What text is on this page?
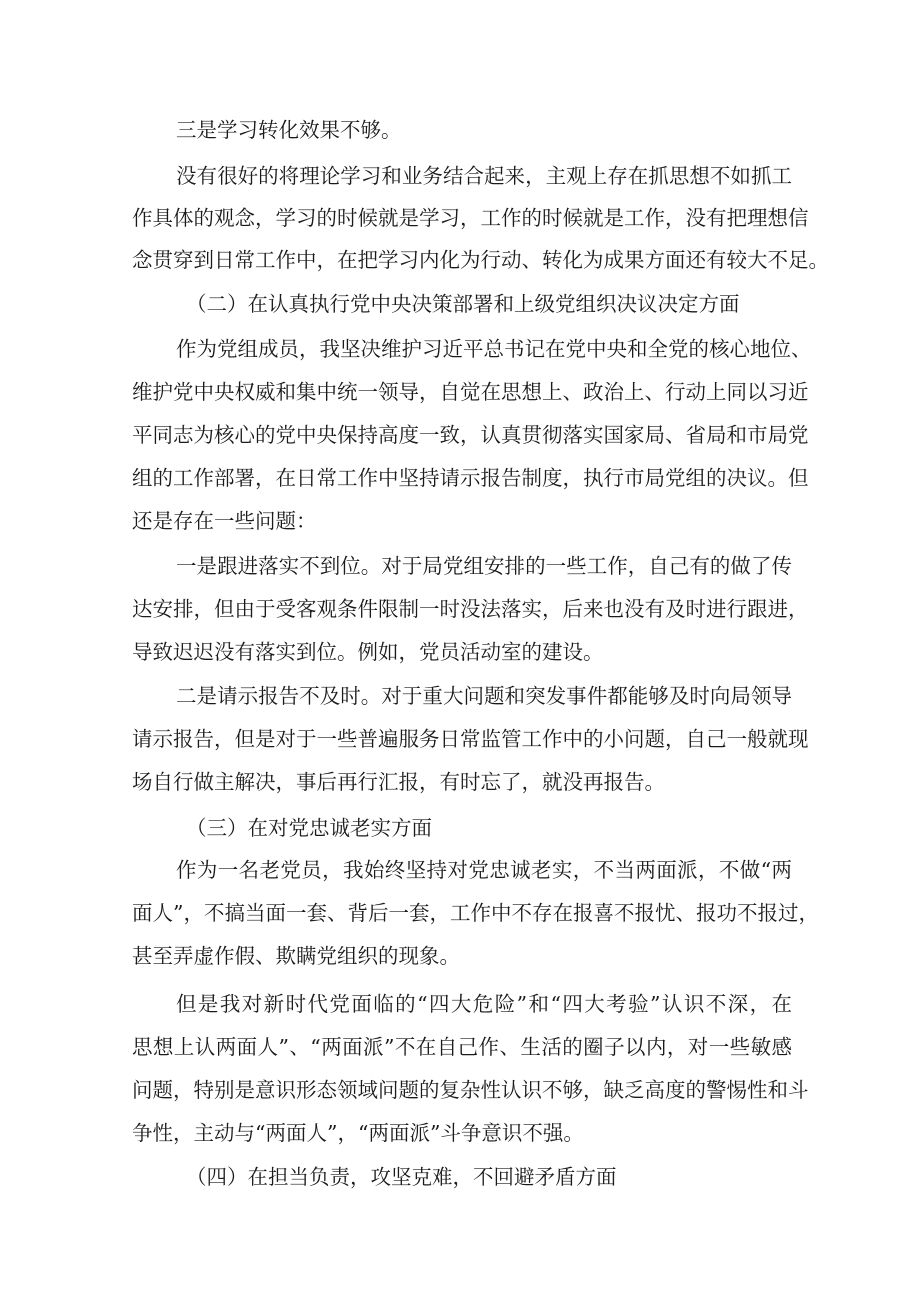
三是学习转化效果不够。
没有很好的将理论学习和业务结合起来，主观上存在抓思想不如抓工
作具体的观念，学习的时候就是学习，工作的时候就是工作，没有把理想信
念贯穿到日常工作中，在把学习内化为行动、转化为成果方面还有较大不足。
（二）在认真执行党中央决策部署和上级党组织决议决定方面
作为党组成员，我坚决维护习近平总书记在党中央和全党的核心地位、
维护党中央权威和集中统一领导，自觉在思想上、政治上、行动上同以习近
平同志为核心的党中央保持高度一致，认真贯彻落实国家局、省局和市局党
组的工作部署，在日常工作中坚持请示报告制度，执行市局党组的决议。但
还是存在一些问题：
一是跟进落实不到位。对于局党组安排的一些工作，自己有的做了传
达安排，但由于受客观条件限制一时没法落实，后来也没有及时进行跟进，
导致迟迟没有落实到位。例如，党员活动室的建设。
二是请示报告不及时。对于重大问题和突发事件都能够及时向局领导
请示报告，但是对于一些普遍服务日常监管工作中的小问题，自己一般就现
场自行做主解决，事后再行汇报，有时忘了，就没再报告。
（三）在对党忠诚老实方面
作为一名老党员，我始终坚持对党忠诚老实，不当两面派，不做“两
面人”，不搞当面一套、背后一套，工作中不存在报喜不报忧、报功不报过，
甚至弄虚作假、欺瞒党组织的现象。
但是我对新时代党面临的“四大危险”和“四大考验”认识不深，在
思想上认两面人”、“两面派”不在自己作、生活的圈子以内，对一些敏感
问题，特别是意识形态领域问题的复杂性认识不够，缺乏高度的警惕性和斗
争性，主动与“两面人”，“两面派”斗争意识不强。
（四）在担当负责，攻坚克难，不回避矛盾方面
